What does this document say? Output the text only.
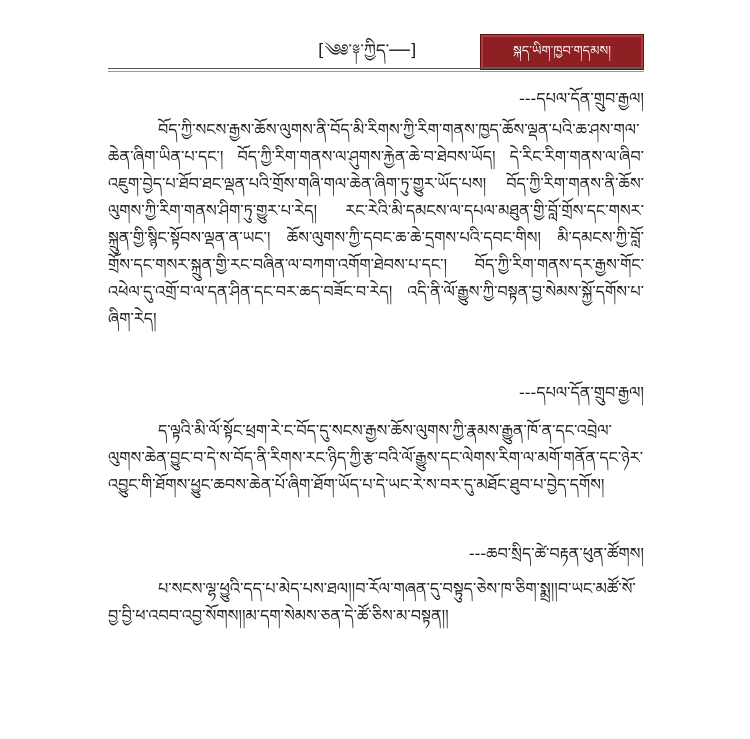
[༄༅་༈་ཀྱིད་──]	སྐད་ཡིག་ཁྱབ་གདམས།
---དཔལ་དོན་གྲུབ་རྒྱལ།
བོད་ཀྱི་སངས་རྒྱས་ཆོས་ལུགས་ནི་བོད་མི་རིགས་ཀྱི་རིག་གནས་ཁྱད་ཆོས་ལྡན་པའི་ཆ་ཤས་གལ་ཆེན་ཞིག་ཡིན་པ་དང་། བོད་ཀྱི་རིག་གནས་ལ་ཤུགས་རྐྱེན་ཆེ་བ་ཐེབས་ཡོད། དེ་རིང་རིག་གནས་ལ་ཞིབ་འཇུག་བྱེད་པ་ཐོབ་ཐང་ལྡན་པའི་གྲོས་གཞི་གལ་ཆེན་ཞིག་ཏུ་གྱུར་ཡོད་པས། བོད་ཀྱི་རིག་གནས་ནི་ཆོས་ལུགས་ཀྱི་རིག་གནས་ཤིག་ཏུ་གྱུར་པ་རེད། རང་རེའི་མི་དམངས་ལ་དཔལ་མཐུན་གྱི་བློ་གྲོས་དང་གསར་སྐྲུན་གྱི་སྙིང་སྟོབས་ལྡན་ན་ཡང་། ཆོས་ལུགས་ཀྱི་དབང་ཆ་ཆེ་དྲགས་པའི་དབང་གིས། མི་དམངས་ཀྱི་བློ་གྲོས་དང་གསར་སྐྲུན་གྱི་རང་བཞིན་ལ་བཀག་འགོག་ཐེབས་པ་དང་། བོད་ཀྱི་རིག་གནས་དར་རྒྱས་གོང་འཕེལ་དུ་འགྲོ་བ་ལ་དན་ཤིན་དང་བར་ཆད་བཟོང་བ་རེད། འདི་ནི་ལོ་རྒྱུས་ཀྱི་བསྟན་བྱ་སེམས་སྐྱོ་དགོས་པ་ཞིག་རེད།
---དཔལ་དོན་གྲུབ་རྒྱལ།
ད་ལྟའི་མི་ལོ་སྟོང་ཕྲག་རེ་ང་བོད་དུ་སངས་རྒྱས་ཆོས་ལུགས་ཀྱི་རྣམས་རྒྱུན་ཁོ་ན་དང་འབྲེལ་ལུགས་ཆེན་བྱུང་བ་དེ་ས་བོད་ནི་རིགས་རང་ཉིད་ཀྱི་རྩ་བའི་ལོ་རྒྱུས་དང་ལེགས་རིག་ལ་མགོ་གནོན་དང་ཉེར་འབྱུང་གི་ཐོགས་ཕྱུང་ཆབས་ཆེན་པོ་ཞིག་ཐོག་ཡོད་པ་དེ་ཡང་རེ་ས་བར་དུ་མཐོང་ཐུབ་པ་བྱེད་དགོས།
---ཆབ་སྲིད་ཚེ་བརྟན་ཕུན་ཚོགས།
པ་སངས་ལྷ་ཕྱུའི་དད་པ་མེད་པས་ཐལ།།བ་རོལ་གཞན་དུ་བསྟུད་ཅེས་ཁ་ཅིག་སྨྲ།།བ་ཡང་མཚོ་སོ་བྱ་བྱི་ཕ་འབབ་འབྱ་སོགས།།མ་དག་སེམས་ཅན་དེ་ཚོ་ཅིས་མ་བསྟན།།
